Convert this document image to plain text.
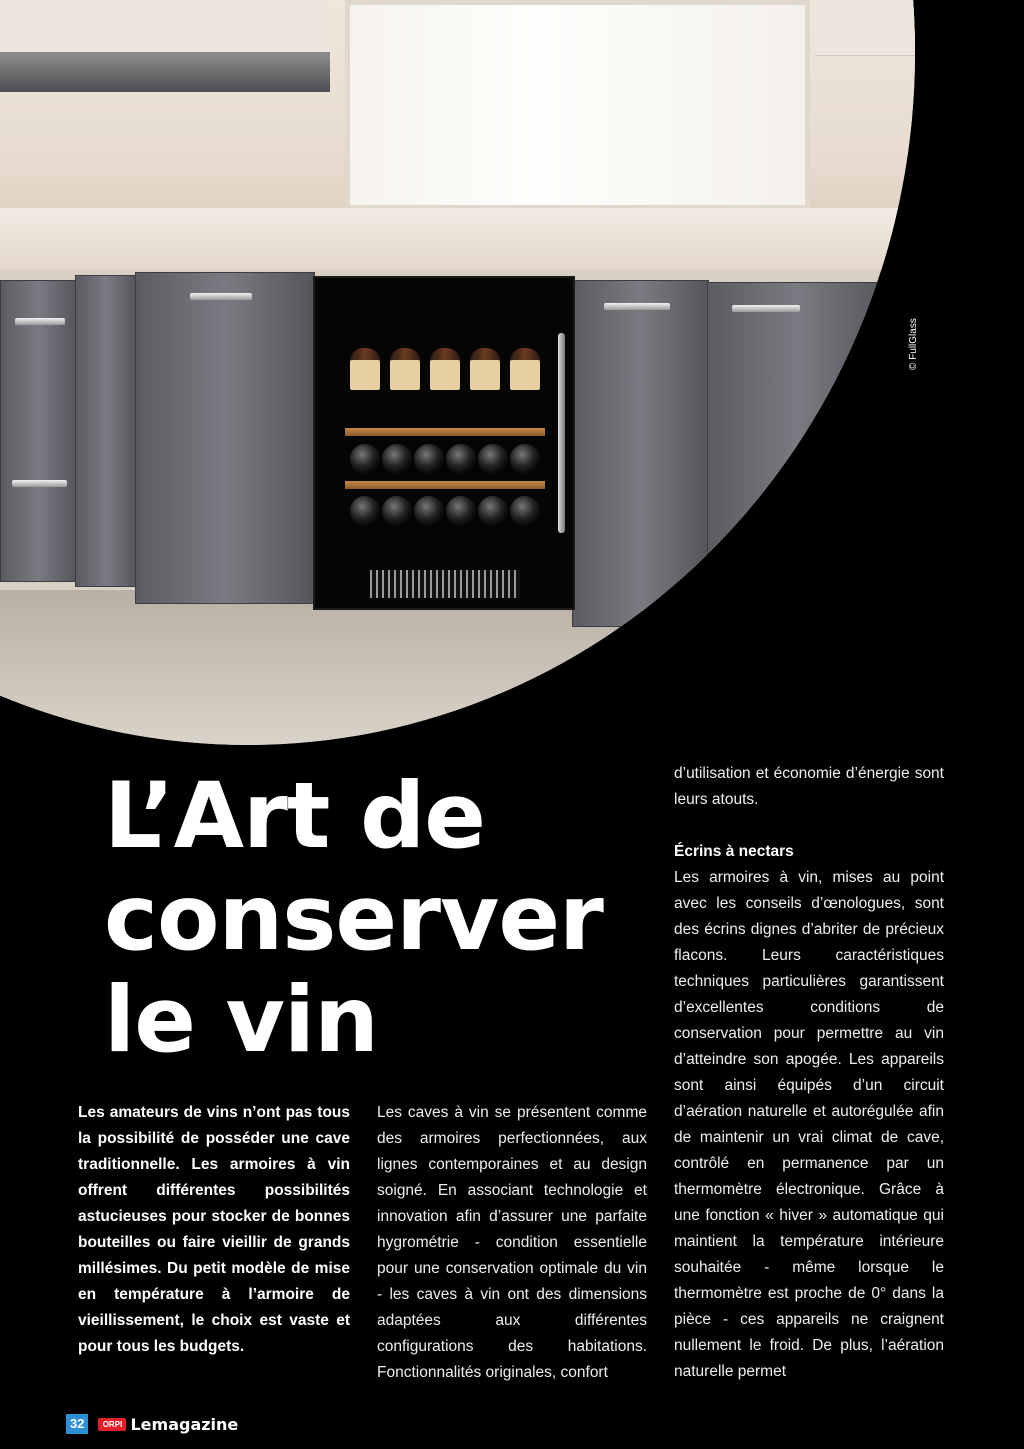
© FullGlass
L’Art de
conserver
le vin

Les amateurs de vins n’ont pas tous la possibilité de posséder une cave traditionnelle. Les armoires à vin offrent différentes possibilités astucieuses pour stocker de bonnes bouteilles ou faire vieillir de grands millésimes. Du petit modèle de mise en température à l’armoire de vieillissement, le choix est vaste et pour tous les budgets.

Les caves à vin se présentent comme des armoires perfectionnées, aux lignes contemporaines et au design soigné. En associant technologie et innovation afin d’assurer une parfaite hygrométrie - condition essentielle pour une conservation optimale du vin - les caves à vin ont des dimensions adaptées aux différentes configurations des habitations. Fonctionnalités originales, confort

d’utilisation et économie d’énergie sont leurs atouts.

Écrins à nectars

Les armoires à vin, mises au point avec les conseils d’œnologues, sont des écrins dignes d’abriter de précieux flacons. Leurs caractéristiques techniques particulières garantissent d’excellentes conditions de conservation pour permettre au vin d’atteindre son apogée. Les appareils sont ainsi équipés d’un circuit d’aération naturelle et autorégulée afin de maintenir un vrai climat de cave, contrôlé en permanence par un thermomètre électronique. Grâce à une fonction « hiver » automatique qui maintient la température intérieure souhaitée - même lorsque le thermomètre est proche de 0° dans la pièce - ces appareils ne craignent nullement le froid. De plus, l’aération naturelle permet

32	ORPI Lemagazine
